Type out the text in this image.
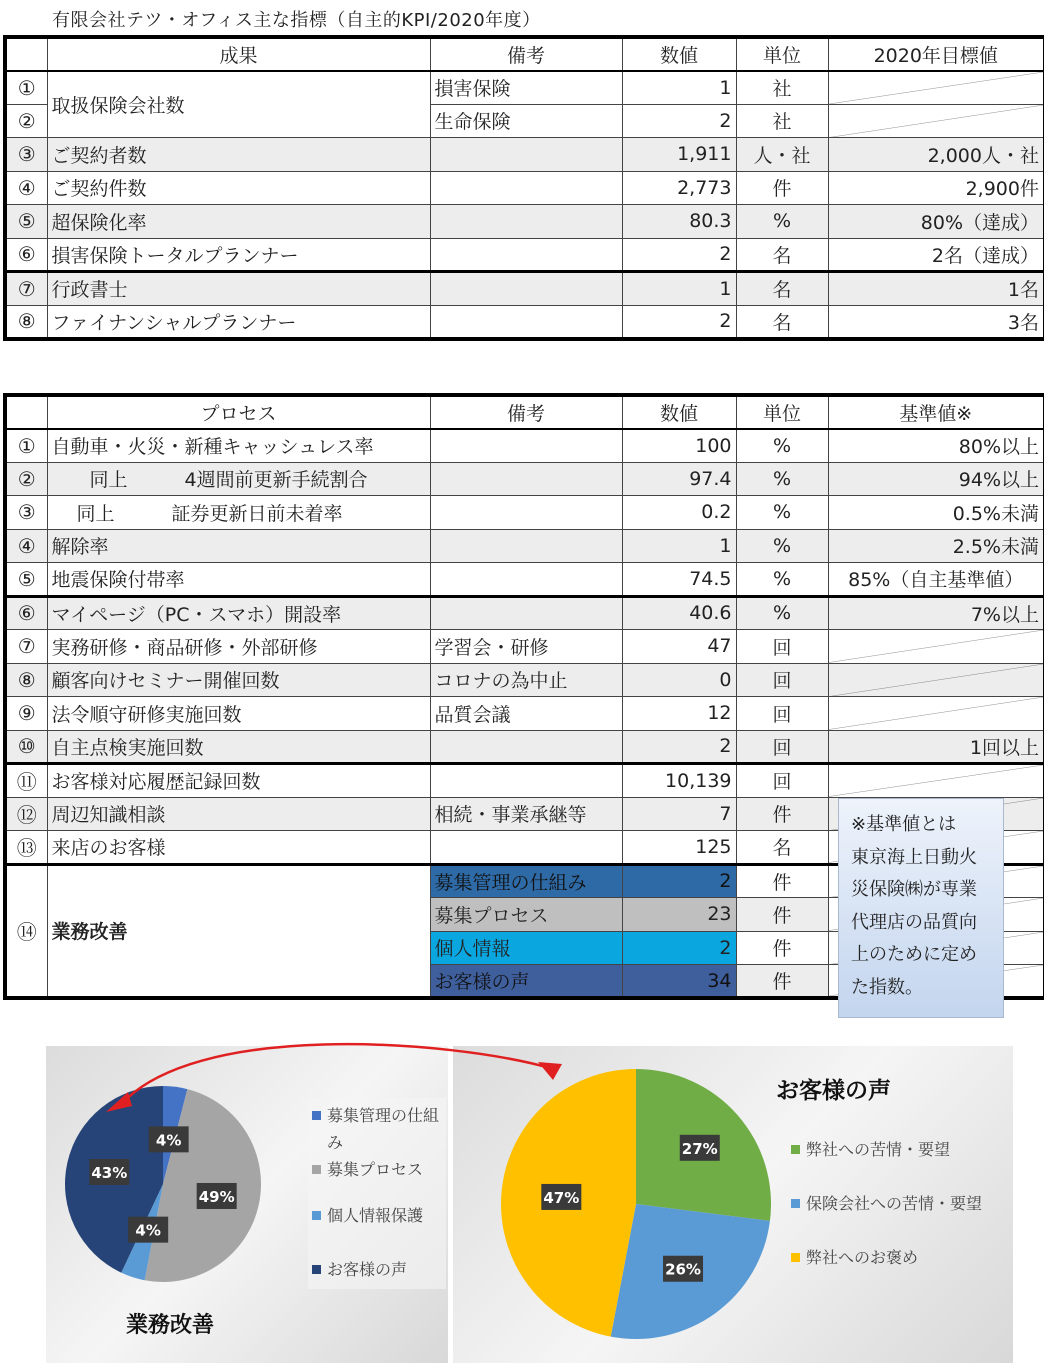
有限会社テツ・オフィス主な指標（自主的KPI/2020年度）
	成果	備考	数値	単位	2020年目標値
①	取扱保険会社数	損害保険	1	社	

②		生命保険	2	社	

③	ご契約者数		1,911	人・社	2,000人・社
④	ご契約件数		2,773	件	2,900件
⑤	超保険化率		80.3	%	80%（達成）
⑥	損害保険トータルプランナー		2	名	2名（達成）
⑦	行政書士		1	名	1名
⑧	ファイナンシャルプランナー		2	名	3名
	プロセス	備考	数値	単位	基準値※
①	自動車・火災・新種キャッシュレス率		100	%	80%以上
②	　　同上　　　4週間前更新手続割合		97.4	%	94%以上
③	　 同上　　　証券更新日前未着率		0.2	%	0.5%未満
④	解除率		1	%	2.5%未満
⑤	地震保険付帯率		74.5	%	85%（自主基準値）
⑥	マイページ（PC・スマホ）開設率		40.6	%	7%以上
⑦	実務研修・商品研修・外部研修	学習会・研修	47	回	

⑧	顧客向けセミナー開催回数	コロナの為中止	0	回	

⑨	法令順守研修実施回数	品質会議	12	回	

⑩	自主点検実施回数		2	回	1回以上
⑪	お客様対応履歴記録回数		10,139	回	

⑫	周辺知識相談	相続・事業承継等	7	件	

⑬	来店のお客様		125	名	

⑭	業務改善	募集管理の仕組み	2	件	

		募集プロセス	23	件	

		個人情報	2	件	

		お客様の声	34	件	
※基準値とは
東京海上日動火
災保険㈱が専業
代理店の品質向
上のために定め
た指数。
4%
49%
4%
43%
募集管理の仕組み
募集プロセス
個人情報保護
お客様の声
業務改善
27%
26%
47%
お客様の声
弊社への苦情・要望
保険会社への苦情・要望
弊社へのお褒め
